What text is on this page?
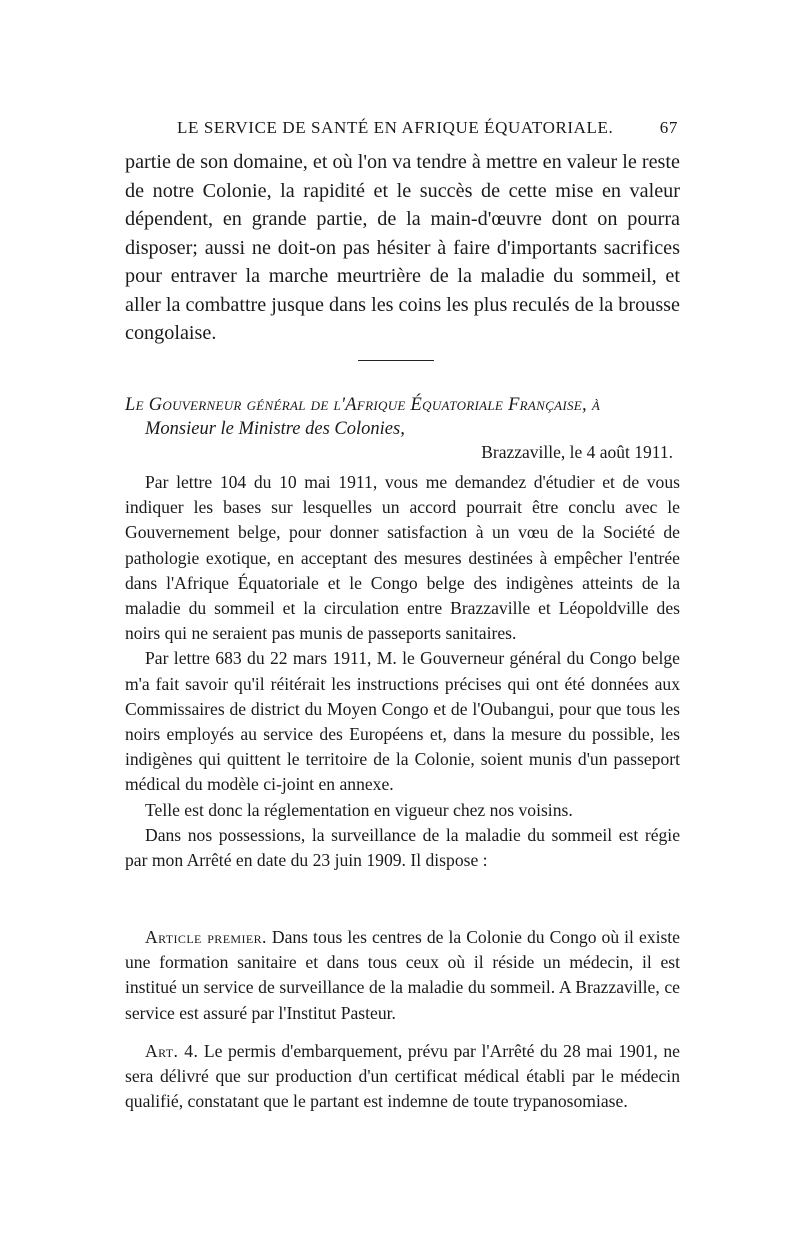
LE SERVICE DE SANTÉ EN AFRIQUE ÉQUATORIALE.	67
partie de son domaine, et où l'on va tendre à mettre en valeur le reste de notre Colonie, la rapidité et le succès de cette mise en valeur dépendent, en grande partie, de la main-d'œuvre dont on pourra disposer; aussi ne doit-on pas hésiter à faire d'importants sacrifices pour entraver la marche meurtrière de la maladie du sommeil, et aller la combattre jusque dans les coins les plus reculés de la brousse congolaise.
Le Gouverneur général de l'Afrique Équatoriale Française, à
Monsieur le Ministre des Colonies,
Brazzaville, le 4 août 1911.

Par lettre 104 du 10 mai 1911, vous me demandez d'étudier et de vous indiquer les bases sur lesquelles un accord pourrait être conclu avec le Gouvernement belge, pour donner satisfaction à un vœu de la Société de pathologie exotique, en acceptant des mesures destinées à empêcher l'entrée dans l'Afrique Équatoriale et le Congo belge des indigènes atteints de la maladie du sommeil et la circulation entre Brazzaville et Léopoldville des noirs qui ne seraient pas munis de passeports sanitaires.

Par lettre 683 du 22 mars 1911, M. le Gouverneur général du Congo belge m'a fait savoir qu'il réitérait les instructions précises qui ont été données aux Commissaires de district du Moyen Congo et de l'Oubangui, pour que tous les noirs employés au service des Européens et, dans la mesure du possible, les indigènes qui quittent le territoire de la Colonie, soient munis d'un passeport médical du modèle ci-joint en annexe.

Telle est donc la réglementation en vigueur chez nos voisins.

Dans nos possessions, la surveillance de la maladie du sommeil est régie par mon Arrêté en date du 23 juin 1909. Il dispose :

Article premier. Dans tous les centres de la Colonie du Congo où il existe une formation sanitaire et dans tous ceux où il réside un médecin, il est institué un service de surveillance de la maladie du sommeil. A Brazzaville, ce service est assuré par l'Institut Pasteur.

Art. 4. Le permis d'embarquement, prévu par l'Arrêté du 28 mai 1901, ne sera délivré que sur production d'un certificat médical établi par le médecin qualifié, constatant que le partant est indemne de toute trypanosomiase.
